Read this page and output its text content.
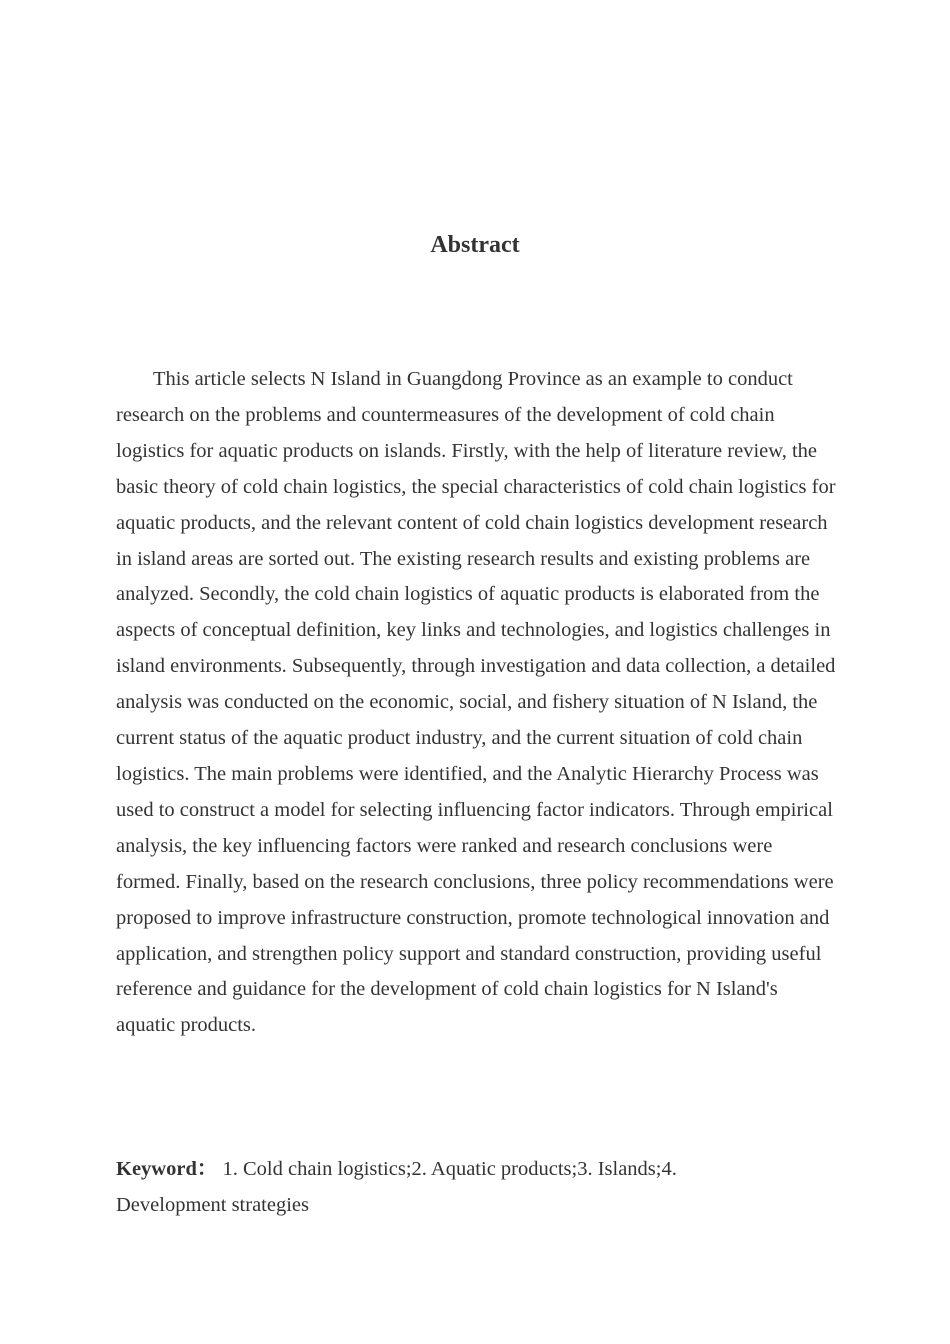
Abstract

This article selects N Island in Guangdong Province as an example to conduct research on the problems and countermeasures of the development of cold chain logistics for aquatic products on islands. Firstly, with the help of literature review, the basic theory of cold chain logistics, the special characteristics of cold chain logistics for aquatic products, and the relevant content of cold chain logistics development research in island areas are sorted out. The existing research results and existing problems are analyzed. Secondly, the cold chain logistics of aquatic products is elaborated from the aspects of conceptual definition, key links and technologies, and logistics challenges in island environments. Subsequently, through investigation and data collection, a detailed analysis was conducted on the economic, social, and fishery situation of N Island, the current status of the aquatic product industry, and the current situation of cold chain logistics. The main problems were identified, and the Analytic Hierarchy Process was used to construct a model for selecting influencing factor indicators. Through empirical analysis, the key influencing factors were ranked and research conclusions were formed. Finally, based on the research conclusions, three policy recommendations were proposed to improve infrastructure construction, promote technological innovation and application, and strengthen policy support and standard construction, providing useful reference and guidance for the development of cold chain logistics for N Island's aquatic products.

Keyword： 1. Cold chain logistics;2. Aquatic products;3. Islands;4. Development strategies
